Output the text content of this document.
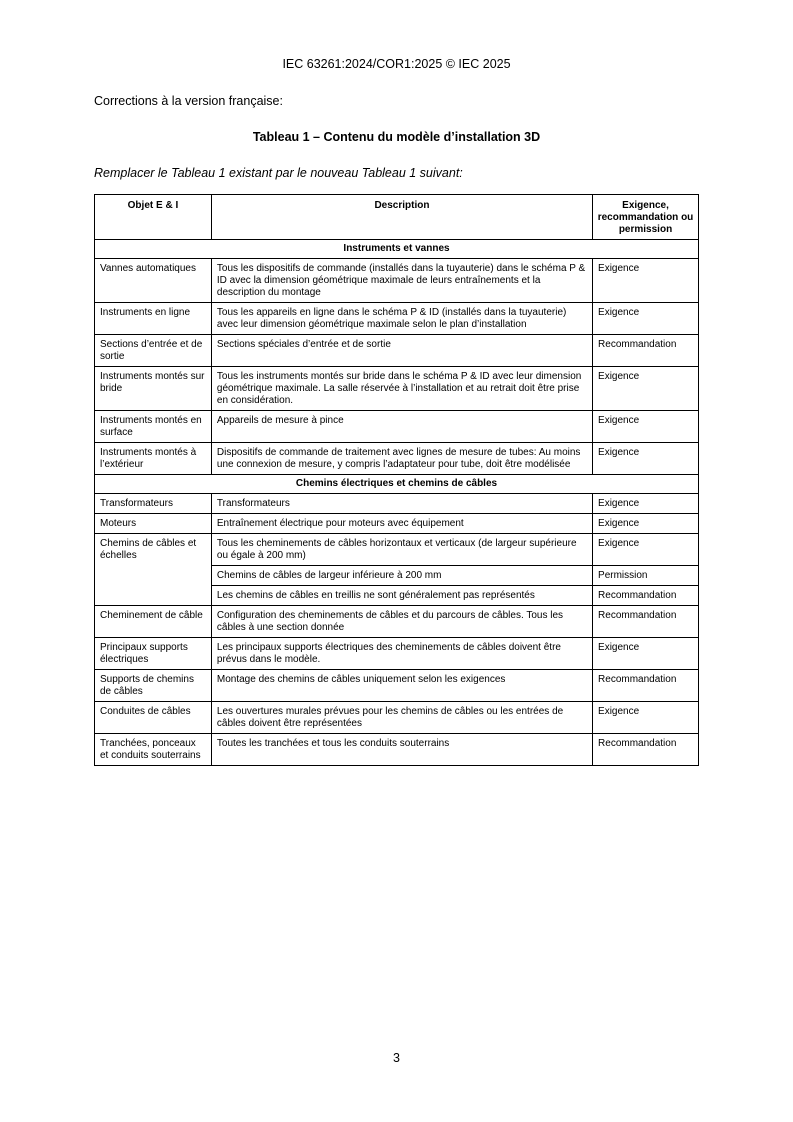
IEC 63261:2024/COR1:2025 © IEC 2025
Corrections à la version française:
Tableau 1 – Contenu du modèle d’installation 3D
Remplacer le Tableau 1 existant par le nouveau Tableau 1 suivant:
Objet E & I	Description	Exigence, recommandation ou permission
Instruments et vannes		
Vannes automatiques	Tous les dispositifs de commande (installés dans la tuyauterie) dans le schéma P & ID avec la dimension géométrique maximale de leurs entraînements et la description du montage	Exigence
Instruments en ligne	Tous les appareils en ligne dans le schéma P & ID (installés dans la tuyauterie) avec leur dimension géométrique maximale selon le plan d’installation	Exigence
Sections d’entrée et de sortie	Sections spéciales d’entrée et de sortie	Recommandation
Instruments montés sur bride	Tous les instruments montés sur bride dans le schéma P & ID avec leur dimension géométrique maximale. La salle réservée à l’installation et au retrait doit être prise en considération.	Exigence
Instruments montés en surface	Appareils de mesure à pince	Exigence
Instruments montés à l’extérieur	Dispositifs de commande de traitement avec lignes de mesure de tubes: Au moins une connexion de mesure, y compris l’adaptateur pour tube, doit être modélisée	Exigence
Chemins électriques et chemins de câbles		
Transformateurs	Transformateurs	Exigence
Moteurs	Entraînement électrique pour moteurs avec équipement	Exigence
Chemins de câbles et échelles	Tous les cheminements de câbles horizontaux et verticaux (de largeur supérieure ou égale à 200 mm)	Exigence
	Chemins de câbles de largeur inférieure à 200 mm	Permission
	Les chemins de câbles en treillis ne sont généralement pas représentés	Recommandation
Cheminement de câble	Configuration des cheminements de câbles et du parcours de câbles. Tous les câbles à une section donnée	Recommandation
Principaux supports électriques	Les principaux supports électriques des cheminements de câbles doivent être prévus dans le modèle.	Exigence
Supports de chemins de câbles	Montage des chemins de câbles uniquement selon les exigences	Recommandation
Conduites de câbles	Les ouvertures murales prévues pour les chemins de câbles ou les entrées de câbles doivent être représentées	Exigence
Tranchées, ponceaux et conduits souterrains	Toutes les tranchées et tous les conduits souterrains	Recommandation
3
